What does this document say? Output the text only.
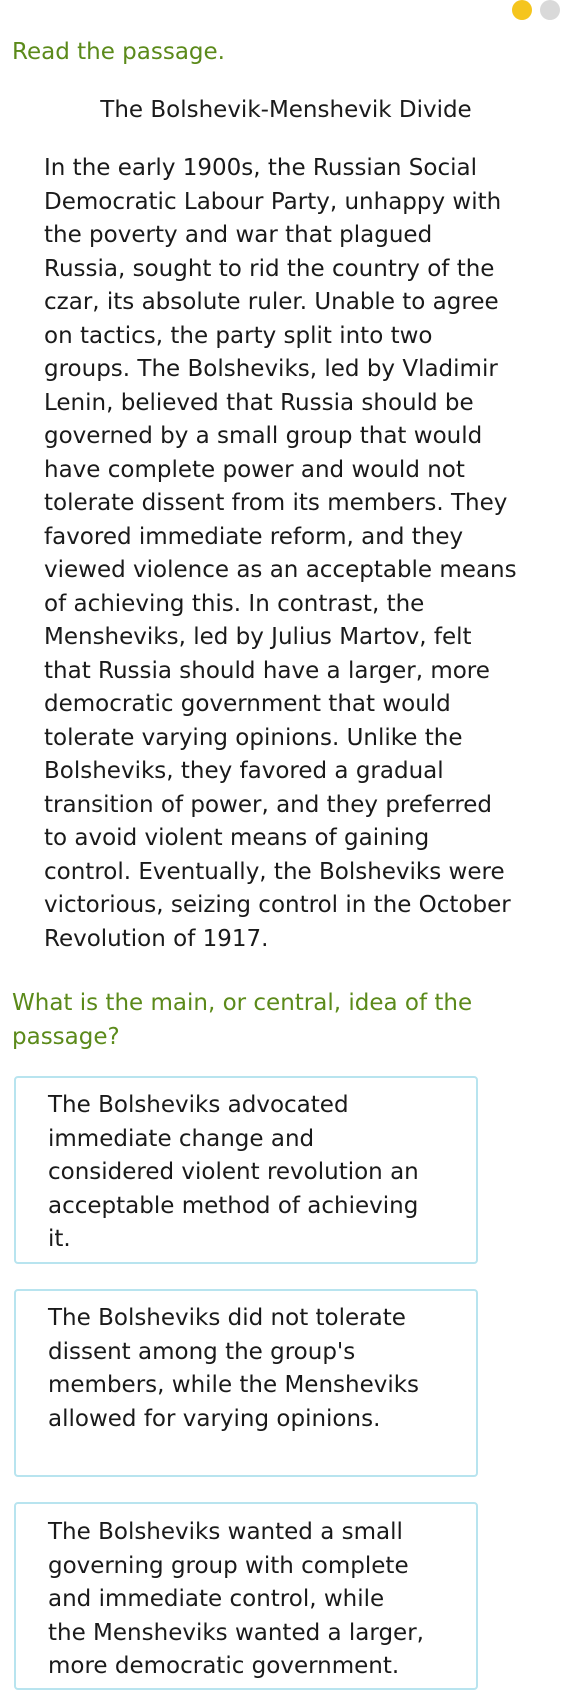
Read the passage.
The Bolshevik-Menshevik Divide
In the early 1900s, the Russian Social
Democratic Labour Party, unhappy with
the poverty and war that plagued
Russia, sought to rid the country of the
czar, its absolute ruler. Unable to agree
on tactics, the party split into two
groups. The Bolsheviks, led by Vladimir
Lenin, believed that Russia should be
governed by a small group that would
have complete power and would not
tolerate dissent from its members. They
favored immediate reform, and they
viewed violence as an acceptable means
of achieving this. In contrast, the
Mensheviks, led by Julius Martov, felt
that Russia should have a larger, more
democratic government that would
tolerate varying opinions. Unlike the
Bolsheviks, they favored a gradual
transition of power, and they preferred
to avoid violent means of gaining
control. Eventually, the Bolsheviks were
victorious, seizing control in the October
Revolution of 1917.
What is the main, or central, idea of the passage?
The Bolsheviks advocated
immediate change and
considered violent revolution an
acceptable method of achieving
it.
The Bolsheviks did not tolerate
dissent among the group's
members, while the Mensheviks
allowed for varying opinions.
The Bolsheviks wanted a small
governing group with complete
and immediate control, while
the Mensheviks wanted a larger,
more democratic government.
